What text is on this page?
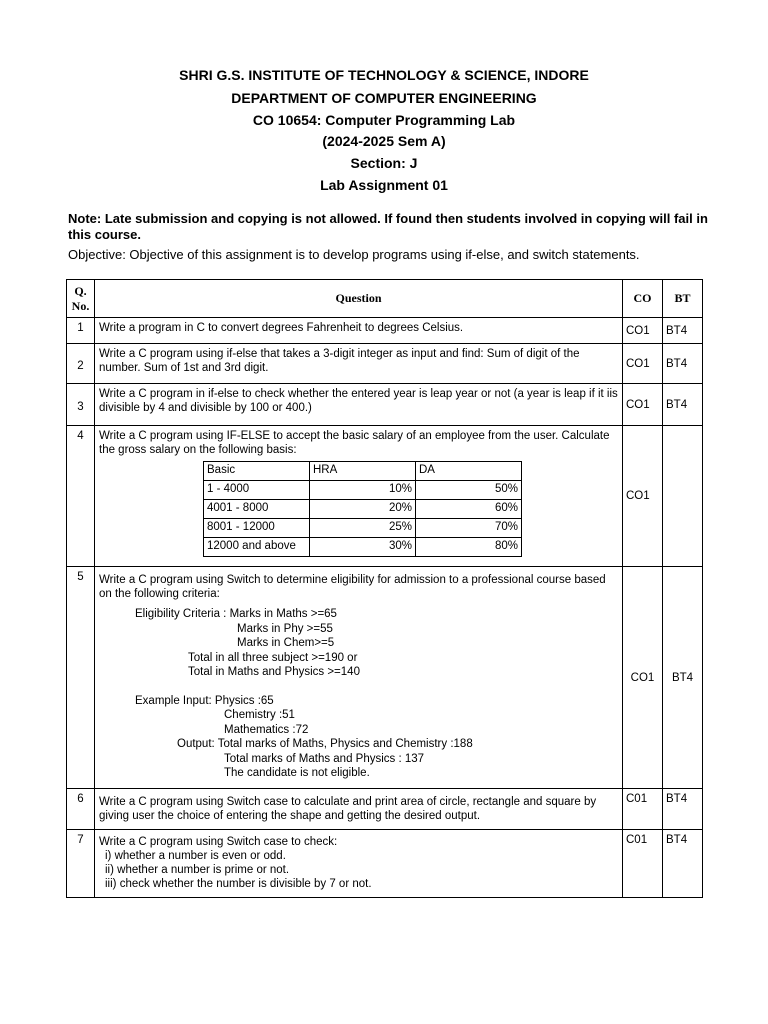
SHRI G.S. INSTITUTE OF TECHNOLOGY & SCIENCE, INDORE
DEPARTMENT OF COMPUTER ENGINEERING
CO 10654: Computer Programming Lab
(2024-2025 Sem A)
Section: J
Lab Assignment 01
Note: Late submission and copying is not allowed. If found then students involved in copying will fail in this course.
Objective: Objective of this assignment is to develop programs using if-else, and switch statements.
Q. No.	Question	CO	BT
1	Write a program in C to convert degrees Fahrenheit to degrees Celsius.	CO1	BT4
2	Write a C program using if-else that takes a 3-digit integer as input and find: Sum of digit of the number. Sum of 1st and 3rd digit.	CO1	BT4
3	Write a C program in if-else to check whether the entered year is leap year or not (a year is leap if it iis divisible by 4 and divisible by 100 or 400.)	CO1	BT4
4	Write a C program using IF-ELSE to accept the basic salary of an employee from the user. Calculate the gross salary on the following basis:
Basic	HRA	DA
1 - 4000	10%	50%
4001 - 8000	20%	60%
8001 - 12000	25%	70%
12000 and above	30%	80%
	CO1	
5	Write a C program using Switch to determine eligibility for admission to a professional course based on the following criteria:
Eligibility Criteria : Marks in Maths >=65
Marks in Phy >=55
Marks in Chem>=5
Total in all three subject >=190 or
Total in Maths and Physics >=140
Example Input: Physics :65
Chemistry :51
Mathematics :72
Output: Total marks of Maths, Physics and Chemistry :188
Total marks of Maths and Physics : 137
The candidate is not eligible.
	CO1	BT4
6	Write a C program using Switch case to calculate and print area of circle, rectangle and square by giving user the choice of entering the shape and getting the desired output.	C01	BT4
7	Write a C program using Switch case to check:
i) whether a number is even or odd.
ii) whether a number is prime or not.
iii) check whether the number is divisible by 7 or not.
	C01	BT4
